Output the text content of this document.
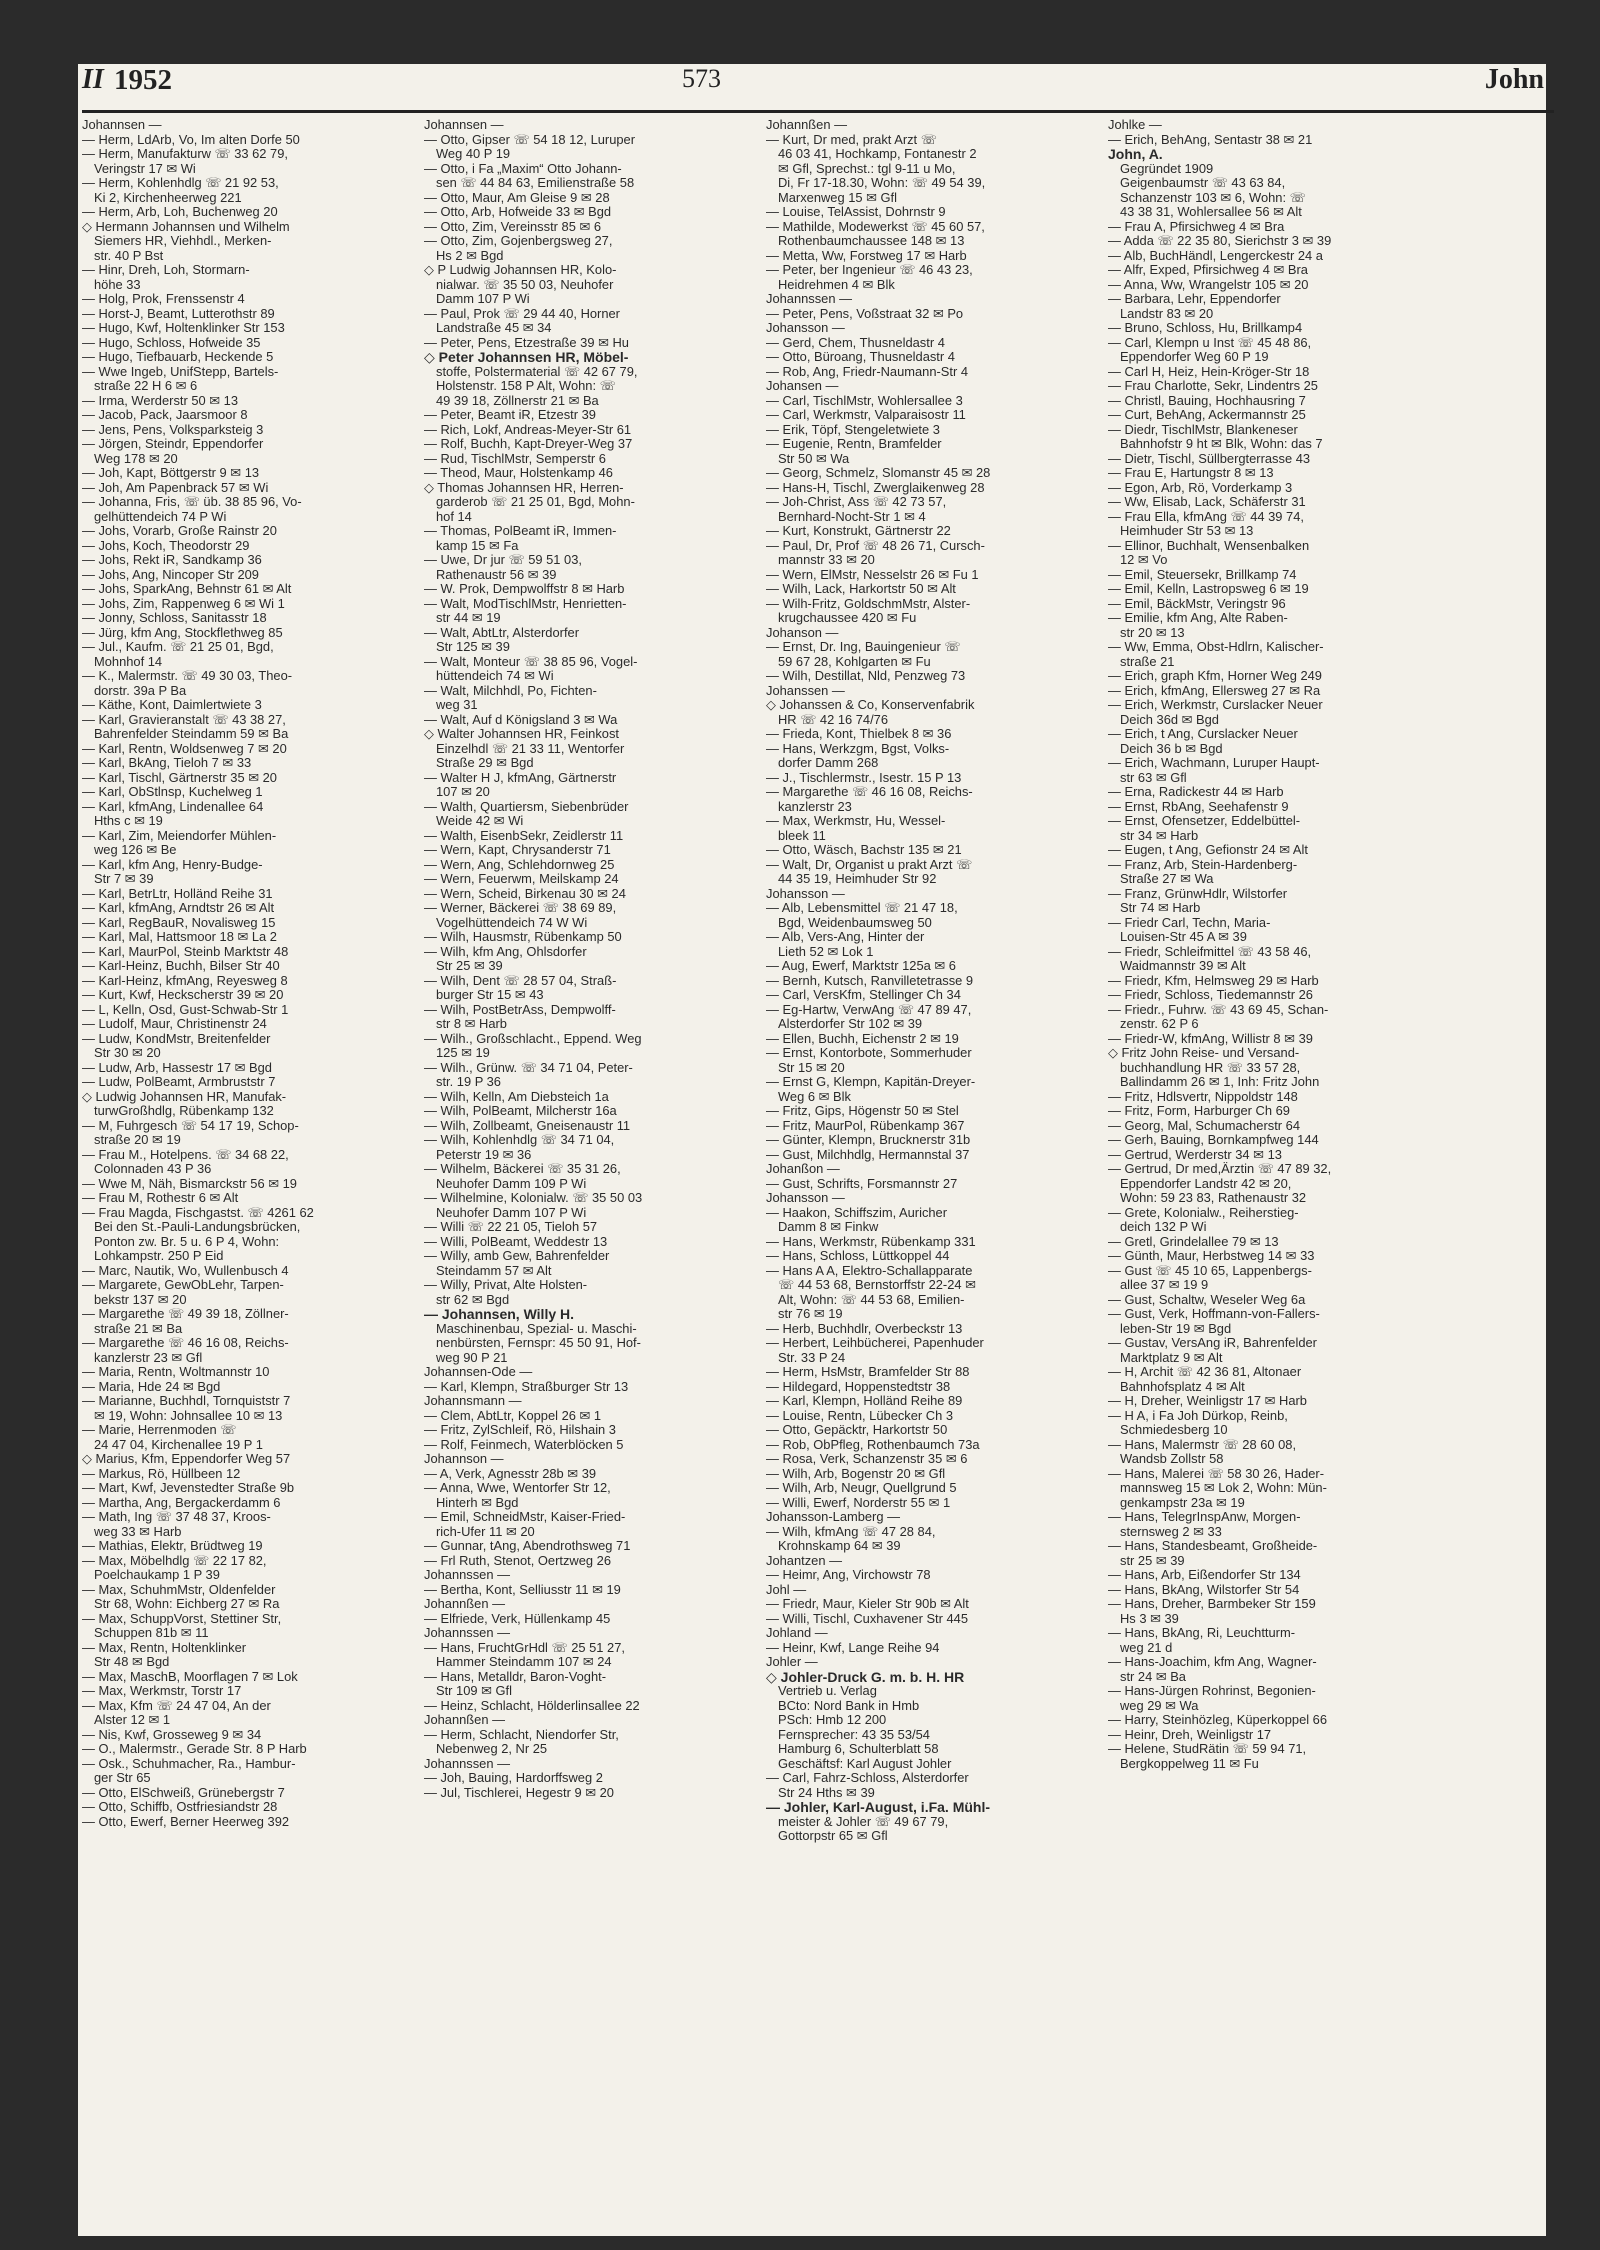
II 1952	573	John
Johannsen —
— Herm, LdArb, Vo, Im alten Dorfe 50
— Herm, Manufakturw ☏ 33 62 79,
Veringstr 17 ✉ Wi
— Herm, Kohlenhdlg ☏ 21 92 53,
Ki 2, Kirchenheerweg 221
— Herm, Arb, Loh, Buchenweg 20
◇ Hermann Johannsen und Wilhelm
Siemers HR, Viehhdl., Merken-
str. 40 P Bst
— Hinr, Dreh, Loh, Stormarn-
höhe 33
— Holg, Prok, Frenssenstr 4
— Horst-J, Beamt, Lutterothstr 89
— Hugo, Kwf, Holtenklinker Str 153
— Hugo, Schloss, Hofweide 35
— Hugo, Tiefbauarb, Heckende 5
— Wwe Ingeb, UnifStepp, Bartels-
straße 22 H 6 ✉ 6
— Irma, Werderstr 50 ✉ 13
— Jacob, Pack, Jaarsmoor 8
— Jens, Pens, Volksparksteig 3
— Jörgen, Steindr, Eppendorfer
Weg 178 ✉ 20
— Joh, Kapt, Böttgerstr 9 ✉ 13
— Joh, Am Papenbrack 57 ✉ Wi
— Johanna, Fris, ☏ üb. 38 85 96, Vo-
gelhüttendeich 74 P Wi
— Johs, Vorarb, Große Rainstr 20
— Johs, Koch, Theodorstr 29
— Johs, Rekt iR, Sandkamp 36
— Johs, Ang, Nincoper Str 209
— Johs, SparkAng, Behnstr 61 ✉ Alt
— Johs, Zim, Rappenweg 6 ✉ Wi 1
— Jonny, Schloss, Sanitasstr 18
— Jürg, kfm Ang, Stockflethweg 85
— Jul., Kaufm. ☏ 21 25 01, Bgd,
Mohnhof 14
— K., Malermstr. ☏ 49 30 03, Theo-
dorstr. 39a P Ba
— Käthe, Kont, Daimlertwiete 3
— Karl, Gravieranstalt ☏ 43 38 27,
Bahrenfelder Steindamm 59 ✉ Ba
— Karl, Rentn, Woldsenweg 7 ✉ 20
— Karl, BkAng, Tieloh 7 ✉ 33
— Karl, Tischl, Gärtnerstr 35 ✉ 20
— Karl, ObStlnsp, Kuchelweg 1
— Karl, kfmAng, Lindenallee 64
Hths c ✉ 19
— Karl, Zim, Meiendorfer Mühlen-
weg 126 ✉ Be
— Karl, kfm Ang, Henry-Budge-
Str 7 ✉ 39
— Karl, BetrLtr, Holländ Reihe 31
— Karl, kfmAng, Arndtstr 26 ✉ Alt
— Karl, RegBauR, Novalisweg 15
— Karl, Mal, Hattsmoor 18 ✉ La 2
— Karl, MaurPol, Steinb Marktstr 48
— Karl-Heinz, Buchh, Bilser Str 40
— Karl-Heinz, kfmAng, Reyesweg 8
— Kurt, Kwf, Heckscherstr 39 ✉ 20
— L, Kelln, Osd, Gust-Schwab-Str 1
— Ludolf, Maur, Christinenstr 24
— Ludw, KondMstr, Breitenfelder
Str 30 ✉ 20
— Ludw, Arb, Hassestr 17 ✉ Bgd
— Ludw, PolBeamt, Armbruststr 7
◇ Ludwig Johannsen HR, Manufak-
turwGroßhdlg, Rübenkamp 132
— M, Fuhrgesch ☏ 54 17 19, Schop-
straße 20 ✉ 19
— Frau M., Hotelpens. ☏ 34 68 22,
Colonnaden 43 P 36
— Wwe M, Näh, Bismarckstr 56 ✉ 19
— Frau M, Rothestr 6 ✉ Alt
— Frau Magda, Fischgastst. ☏ 4261 62
Bei den St.-Pauli-Landungsbrücken,
Ponton zw. Br. 5 u. 6 P 4, Wohn:
Lohkampstr. 250 P Eid
— Marc, Nautik, Wo, Wullenbusch 4
— Margarete, GewObLehr, Tarpen-
bekstr 137 ✉ 20
— Margarethe ☏ 49 39 18, Zöllner-
straße 21 ✉ Ba
— Margarethe ☏ 46 16 08, Reichs-
kanzlerstr 23 ✉ Gfl
— Maria, Rentn, Woltmannstr 10
— Maria, Hde 24 ✉ Bgd
— Marianne, Buchhdl, Tornquiststr 7
✉ 19, Wohn: Johnsallee 10 ✉ 13
— Marie, Herrenmoden ☏
24 47 04, Kirchenallee 19 P 1
◇ Marius, Kfm, Eppendorfer Weg 57
— Markus, Rö, Hüllbeen 12
— Mart, Kwf, Jevenstedter Straße 9b
— Martha, Ang, Bergackerdamm 6
— Math, Ing ☏ 37 48 37, Kroos-
weg 33 ✉ Harb
— Mathias, Elektr, Brüdtweg 19
— Max, Möbelhdlg ☏ 22 17 82,
Poelchaukamp 1 P 39
— Max, SchuhmMstr, Oldenfelder
Str 68, Wohn: Eichberg 27 ✉ Ra
— Max, SchuppVorst, Stettiner Str,
Schuppen 81b ✉ 11
— Max, Rentn, Holtenklinker
Str 48 ✉ Bgd
— Max, MaschB, Moorflagen 7 ✉ Lok
— Max, Werkmstr, Torstr 17
— Max, Kfm ☏ 24 47 04, An der
Alster 12 ✉ 1
— Nis, Kwf, Grosseweg 9 ✉ 34
— O., Malermstr., Gerade Str. 8 P Harb
— Osk., Schuhmacher, Ra., Hambur-
ger Str 65
— Otto, ElSchweiß, Grünebergstr 7
— Otto, Schiffb, Ostfriesiandstr 28
— Otto, Ewerf, Berner Heerweg 392
Johannsen —
— Otto, Gipser ☏ 54 18 12, Luruper
Weg 40 P 19
— Otto, i Fa „Maxim“ Otto Johann-
sen ☏ 44 84 63, Emilienstraße 58
— Otto, Maur, Am Gleise 9 ✉ 28
— Otto, Arb, Hofweide 33 ✉ Bgd
— Otto, Zim, Vereinsstr 85 ✉ 6
— Otto, Zim, Gojenbergsweg 27,
Hs 2 ✉ Bgd
◇ P Ludwig Johannsen HR, Kolo-
nialwar. ☏ 35 50 03, Neuhofer
Damm 107 P Wi
— Paul, Prok ☏ 29 44 40, Horner
Landstraße 45 ✉ 34
— Peter, Pens, Etzestraße 39 ✉ Hu
◇ Peter Johannsen HR, Möbel-
stoffe, Polstermaterial ☏ 42 67 79,
Holstenstr. 158 P Alt, Wohn: ☏
49 39 18, Zöllnerstr 21 ✉ Ba
— Peter, Beamt iR, Etzestr 39
— Rich, Lokf, Andreas-Meyer-Str 61
— Rolf, Buchh, Kapt-Dreyer-Weg 37
— Rud, TischlMstr, Semperstr 6
— Theod, Maur, Holstenkamp 46
◇ Thomas Johannsen HR, Herren-
garderob ☏ 21 25 01, Bgd, Mohn-
hof 14
— Thomas, PolBeamt iR, Immen-
kamp 15 ✉ Fa
— Uwe, Dr jur ☏ 59 51 03,
Rathenaustr 56 ✉ 39
— W. Prok, Dempwolffstr 8 ✉ Harb
— Walt, ModTischlMstr, Henrietten-
str 44 ✉ 19
— Walt, AbtLtr, Alsterdorfer
Str 125 ✉ 39
— Walt, Monteur ☏ 38 85 96, Vogel-
hüttendeich 74 ✉ Wi
— Walt, Milchhdl, Po, Fichten-
weg 31
— Walt, Auf d Königsland 3 ✉ Wa
◇ Walter Johannsen HR, Feinkost
Einzelhdl ☏ 21 33 11, Wentorfer
Straße 29 ✉ Bgd
— Walter H J, kfmAng, Gärtnerstr
107 ✉ 20
— Walth, Quartiersm, Siebenbrüder
Weide 42 ✉ Wi
— Walth, EisenbSekr, Zeidlerstr 11
— Wern, Kapt, Chrysanderstr 71
— Wern, Ang, Schlehdornweg 25
— Wern, Feuerwm, Meilskamp 24
— Wern, Scheid, Birkenau 30 ✉ 24
— Werner, Bäckerei ☏ 38 69 89,
Vogelhüttendeich 74 W Wi
— Wilh, Hausmstr, Rübenkamp 50
— Wilh, kfm Ang, Ohlsdorfer
Str 25 ✉ 39
— Wilh, Dent ☏ 28 57 04, Straß-
burger Str 15 ✉ 43
— Wilh, PostBetrAss, Dempwolff-
str 8 ✉ Harb
— Wilh., Großschlacht., Eppend. Weg
125 ✉ 19
— Wilh., Grünw. ☏ 34 71 04, Peter-
str. 19 P 36
— Wilh, Kelln, Am Diebsteich 1a
— Wilh, PolBeamt, Milcherstr 16a
— Wilh, Zollbeamt, Gneisenaustr 11
— Wilh, Kohlenhdlg ☏ 34 71 04,
Peterstr 19 ✉ 36
— Wilhelm, Bäckerei ☏ 35 31 26,
Neuhofer Damm 109 P Wi
— Wilhelmine, Kolonialw. ☏ 35 50 03
Neuhofer Damm 107 P Wi
— Willi ☏ 22 21 05, Tieloh 57
— Willi, PolBeamt, Weddestr 13
— Willy, amb Gew, Bahrenfelder
Steindamm 57 ✉ Alt
— Willy, Privat, Alte Holsten-
str 62 ✉ Bgd
— Johannsen, Willy H.
Maschinenbau, Spezial- u. Maschi-
nenbürsten, Fernspr: 45 50 91, Hof-
weg 90 P 21
Johannsen-Ode —
— Karl, Klempn, Straßburger Str 13
Johannsmann —
— Clem, AbtLtr, Koppel 26 ✉ 1
— Fritz, ZylSchleif, Rö, Hilshain 3
— Rolf, Feinmech, Waterblöcken 5
Johannson —
— A, Verk, Agnesstr 28b ✉ 39
— Anna, Wwe, Wentorfer Str 12,
Hinterh ✉ Bgd
— Emil, SchneidMstr, Kaiser-Fried-
rich-Ufer 11 ✉ 20
— Gunnar, tAng, Abendrothsweg 71
— Frl Ruth, Stenot, Oertzweg 26
Johannssen —
— Bertha, Kont, Selliusstr 11 ✉ 19
Johannßen —
— Elfriede, Verk, Hüllenkamp 45
Johannssen —
— Hans, FruchtGrHdl ☏ 25 51 27,
Hammer Steindamm 107 ✉ 24
— Hans, Metalldr, Baron-Voght-
Str 109 ✉ Gfl
— Heinz, Schlacht, Hölderlinsallee 22
Johannßen —
— Herm, Schlacht, Niendorfer Str,
Nebenweg 2, Nr 25
Johannssen —
— Joh, Bauing, Hardorffsweg 2
— Jul, Tischlerei, Hegestr 9 ✉ 20
Johannßen —
— Kurt, Dr med, prakt Arzt ☏
46 03 41, Hochkamp, Fontanestr 2
✉ Gfl, Sprechst.: tgl 9-11 u Mo,
Di, Fr 17-18.30, Wohn: ☏ 49 54 39,
Marxenweg 15 ✉ Gfl
— Louise, TelAssist, Dohrnstr 9
— Mathilde, Modewerkst ☏ 45 60 57,
Rothenbaumchaussee 148 ✉ 13
— Metta, Ww, Forstweg 17 ✉ Harb
— Peter, ber Ingenieur ☏ 46 43 23,
Heidrehmen 4 ✉ Blk
Johannssen —
— Peter, Pens, Voßstraat 32 ✉ Po
Johansson —
— Gerd, Chem, Thusneldastr 4
— Otto, Büroang, Thusneldastr 4
— Rob, Ang, Friedr-Naumann-Str 4
Johansen —
— Carl, TischlMstr, Wohlersallee 3
— Carl, Werkmstr, Valparaisostr 11
— Erik, Töpf, Stengeletwiete 3
— Eugenie, Rentn, Bramfelder
Str 50 ✉ Wa
— Georg, Schmelz, Slomanstr 45 ✉ 28
— Hans-H, Tischl, Zwerglaikenweg 28
— Joh-Christ, Ass ☏ 42 73 57,
Bernhard-Nocht-Str 1 ✉ 4
— Kurt, Konstrukt, Gärtnerstr 22
— Paul, Dr, Prof ☏ 48 26 71, Cursch-
mannstr 33 ✉ 20
— Wern, ElMstr, Nesselstr 26 ✉ Fu 1
— Wilh, Lack, Harkortstr 50 ✉ Alt
— Wilh-Fritz, GoldschmMstr, Alster-
krugchaussee 420 ✉ Fu
Johanson —
— Ernst, Dr. Ing, Bauingenieur ☏
59 67 28, Kohlgarten ✉ Fu
— Wilh, Destillat, Nld, Penzweg 73
Johanssen —
◇ Johanssen & Co, Konservenfabrik
HR ☏ 42 16 74/76
— Frieda, Kont, Thielbek 8 ✉ 36
— Hans, Werkzgm, Bgst, Volks-
dorfer Damm 268
— J., Tischlermstr., Isestr. 15 P 13
— Margarethe ☏ 46 16 08, Reichs-
kanzlerstr 23
— Max, Werkmstr, Hu, Wessel-
bleek 11
— Otto, Wäsch, Bachstr 135 ✉ 21
— Walt, Dr, Organist u prakt Arzt ☏
44 35 19, Heimhuder Str 92
Johansson —
— Alb, Lebensmittel ☏ 21 47 18,
Bgd, Weidenbaumsweg 50
— Alb, Vers-Ang, Hinter der
Lieth 52 ✉ Lok 1
— Aug, Ewerf, Marktstr 125a ✉ 6
— Bernh, Kutsch, Ranvilletetrasse 9
— Carl, VersKfm, Stellinger Ch 34
— Eg-Hartw, VerwAng ☏ 47 89 47,
Alsterdorfer Str 102 ✉ 39
— Ellen, Buchh, Eichenstr 2 ✉ 19
— Ernst, Kontorbote, Sommerhuder
Str 15 ✉ 20
— Ernst G, Klempn, Kapitän-Dreyer-
Weg 6 ✉ Blk
— Fritz, Gips, Högenstr 50 ✉ Stel
— Fritz, MaurPol, Rübenkamp 367
— Günter, Klempn, Brucknerstr 31b
— Gust, Milchhdlg, Hermannstal 37
Johanßon —
— Gust, Schrifts, Forsmannstr 27
Johansson —
— Haakon, Schiffszim, Auricher
Damm 8 ✉ Finkw
— Hans, Werkmstr, Rübenkamp 331
— Hans, Schloss, Lüttkoppel 44
— Hans A A, Elektro-Schallapparate
☏ 44 53 68, Bernstorffstr 22-24 ✉
Alt, Wohn: ☏ 44 53 68, Emilien-
str 76 ✉ 19
— Herb, Buchhdlr, Overbeckstr 13
— Herbert, Leihbücherei, Papenhuder
Str. 33 P 24
— Herm, HsMstr, Bramfelder Str 88
— Hildegard, Hoppenstedtstr 38
— Karl, Klempn, Holländ Reihe 89
— Louise, Rentn, Lübecker Ch 3
— Otto, Gepäcktr, Harkortstr 50
— Rob, ObPfleg, Rothenbaumch 73a
— Rosa, Verk, Schanzenstr 35 ✉ 6
— Wilh, Arb, Bogenstr 20 ✉ Gfl
— Wilh, Arb, Neugr, Quellgrund 5
— Willi, Ewerf, Norderstr 55 ✉ 1
Johansson-Lamberg —
— Wilh, kfmAng ☏ 47 28 84,
Krohnskamp 64 ✉ 39
Johantzen —
— Heimr, Ang, Virchowstr 78
Johl —
— Friedr, Maur, Kieler Str 90b ✉ Alt
— Willi, Tischl, Cuxhavener Str 445
Johland —
— Heinr, Kwf, Lange Reihe 94
Johler —
◇ Johler-Druck G. m. b. H. HR
Vertrieb u. Verlag
BCto: Nord Bank in Hmb
PSch: Hmb 12 200
Fernsprecher: 43 35 53/54
Hamburg 6, Schulterblatt 58
Geschäftsf: Karl August Johler
— Carl, Fahrz-Schloss, Alsterdorfer
Str 24 Hths ✉ 39
— Johler, Karl-August, i.Fa. Mühl-
meister & Johler ☏ 49 67 79,
Gottorpstr 65 ✉ Gfl
Johlke —
— Erich, BehAng, Sentastr 38 ✉ 21
John, A.
Gegründet 1909
Geigenbaumstr ☏ 43 63 84,
Schanzenstr 103 ✉ 6, Wohn: ☏
43 38 31, Wohlersallee 56 ✉ Alt
— Frau A, Pfirsichweg 4 ✉ Bra
— Adda ☏ 22 35 80, Sierichstr 3 ✉ 39
— Alb, BuchHändl, Lengerckestr 24 a
— Alfr, Exped, Pfirsichweg 4 ✉ Bra
— Anna, Ww, Wrangelstr 105 ✉ 20
— Barbara, Lehr, Eppendorfer
Landstr 83 ✉ 20
— Bruno, Schloss, Hu, Brillkamp4
— Carl, Klempn u Inst ☏ 45 48 86,
Eppendorfer Weg 60 P 19
— Carl H, Heiz, Hein-Kröger-Str 18
— Frau Charlotte, Sekr, Lindentrs 25
— Christl, Bauing, Hochhausring 7
— Curt, BehAng, Ackermannstr 25
— Diedr, TischlMstr, Blankeneser
Bahnhofstr 9 ht ✉ Blk, Wohn: das 7
— Dietr, Tischl, Süllbergterrasse 43
— Frau E, Hartungstr 8 ✉ 13
— Egon, Arb, Rö, Vorderkamp 3
— Ww, Elisab, Lack, Schäferstr 31
— Frau Ella, kfmAng ☏ 44 39 74,
Heimhuder Str 53 ✉ 13
— Ellinor, Buchhalt, Wensenbalken
12 ✉ Vo
— Emil, Steuersekr, Brillkamp 74
— Emil, Kelln, Lastropsweg 6 ✉ 19
— Emil, BäckMstr, Veringstr 96
— Emilie, kfm Ang, Alte Raben-
str 20 ✉ 13
— Ww, Emma, Obst-Hdlrn, Kalischer-
straße 21
— Erich, graph Kfm, Horner Weg 249
— Erich, kfmAng, Ellersweg 27 ✉ Ra
— Erich, Werkmstr, Curslacker Neuer
Deich 36d ✉ Bgd
— Erich, t Ang, Curslacker Neuer
Deich 36 b ✉ Bgd
— Erich, Wachmann, Luruper Haupt-
str 63 ✉ Gfl
— Erna, Radickestr 44 ✉ Harb
— Ernst, RbAng, Seehafenstr 9
— Ernst, Ofensetzer, Eddelbüttel-
str 34 ✉ Harb
— Eugen, t Ang, Gefionstr 24 ✉ Alt
— Franz, Arb, Stein-Hardenberg-
Straße 27 ✉ Wa
— Franz, GrünwHdlr, Wilstorfer
Str 74 ✉ Harb
— Friedr Carl, Techn, Maria-
Louisen-Str 45 A ✉ 39
— Friedr, Schleifmittel ☏ 43 58 46,
Waidmannstr 39 ✉ Alt
— Friedr, Kfm, Helmsweg 29 ✉ Harb
— Friedr, Schloss, Tiedemannstr 26
— Friedr., Fuhrw. ☏ 43 69 45, Schan-
zenstr. 62 P 6
— Friedr-W, kfmAng, Willistr 8 ✉ 39
◇ Fritz John Reise- und Versand-
buchhandlung HR ☏ 33 57 28,
Ballindamm 26 ✉ 1, Inh: Fritz John
— Fritz, Hdlsvertr, Nippoldstr 148
— Fritz, Form, Harburger Ch 69
— Georg, Mal, Schumacherstr 64
— Gerh, Bauing, Bornkampfweg 144
— Gertrud, Werderstr 34 ✉ 13
— Gertrud, Dr med,Ärztin ☏ 47 89 32,
Eppendorfer Landstr 42 ✉ 20,
Wohn: 59 23 83, Rathenaustr 32
— Grete, Kolonialw., Reiherstieg-
deich 132 P Wi
— Gretl, Grindelallee 79 ✉ 13
— Günth, Maur, Herbstweg 14 ✉ 33
— Gust ☏ 45 10 65, Lappenbergs-
allee 37 ✉ 19 9
— Gust, Schaltw, Weseler Weg 6a
— Gust, Verk, Hoffmann-von-Fallers-
leben-Str 19 ✉ Bgd
— Gustav, VersAng iR, Bahrenfelder
Marktplatz 9 ✉ Alt
— H, Archit ☏ 42 36 81, Altonaer
Bahnhofsplatz 4 ✉ Alt
— H, Dreher, Weinligstr 17 ✉ Harb
— H A, i Fa Joh Dürkop, Reinb,
Schmiedesberg 10
— Hans, Malermstr ☏ 28 60 08,
Wandsb Zollstr 58
— Hans, Malerei ☏ 58 30 26, Hader-
mannsweg 15 ✉ Lok 2, Wohn: Mün-
genkampstr 23a ✉ 19
— Hans, TelegrInspAnw, Morgen-
sternsweg 2 ✉ 33
— Hans, Standesbeamt, Großheide-
str 25 ✉ 39
— Hans, Arb, Eißendorfer Str 134
— Hans, BkAng, Wilstorfer Str 54
— Hans, Dreher, Barmbeker Str 159
Hs 3 ✉ 39
— Hans, BkAng, Ri, Leuchtturm-
weg 21 d
— Hans-Joachim, kfm Ang, Wagner-
str 24 ✉ Ba
— Hans-Jürgen Rohrinst, Begonien-
weg 29 ✉ Wa
— Harry, Steinhözleg, Küperkoppel 66
— Heinr, Dreh, Weinligstr 17
— Helene, StudRätin ☏ 59 94 71,
Bergkoppelweg 11 ✉ Fu
